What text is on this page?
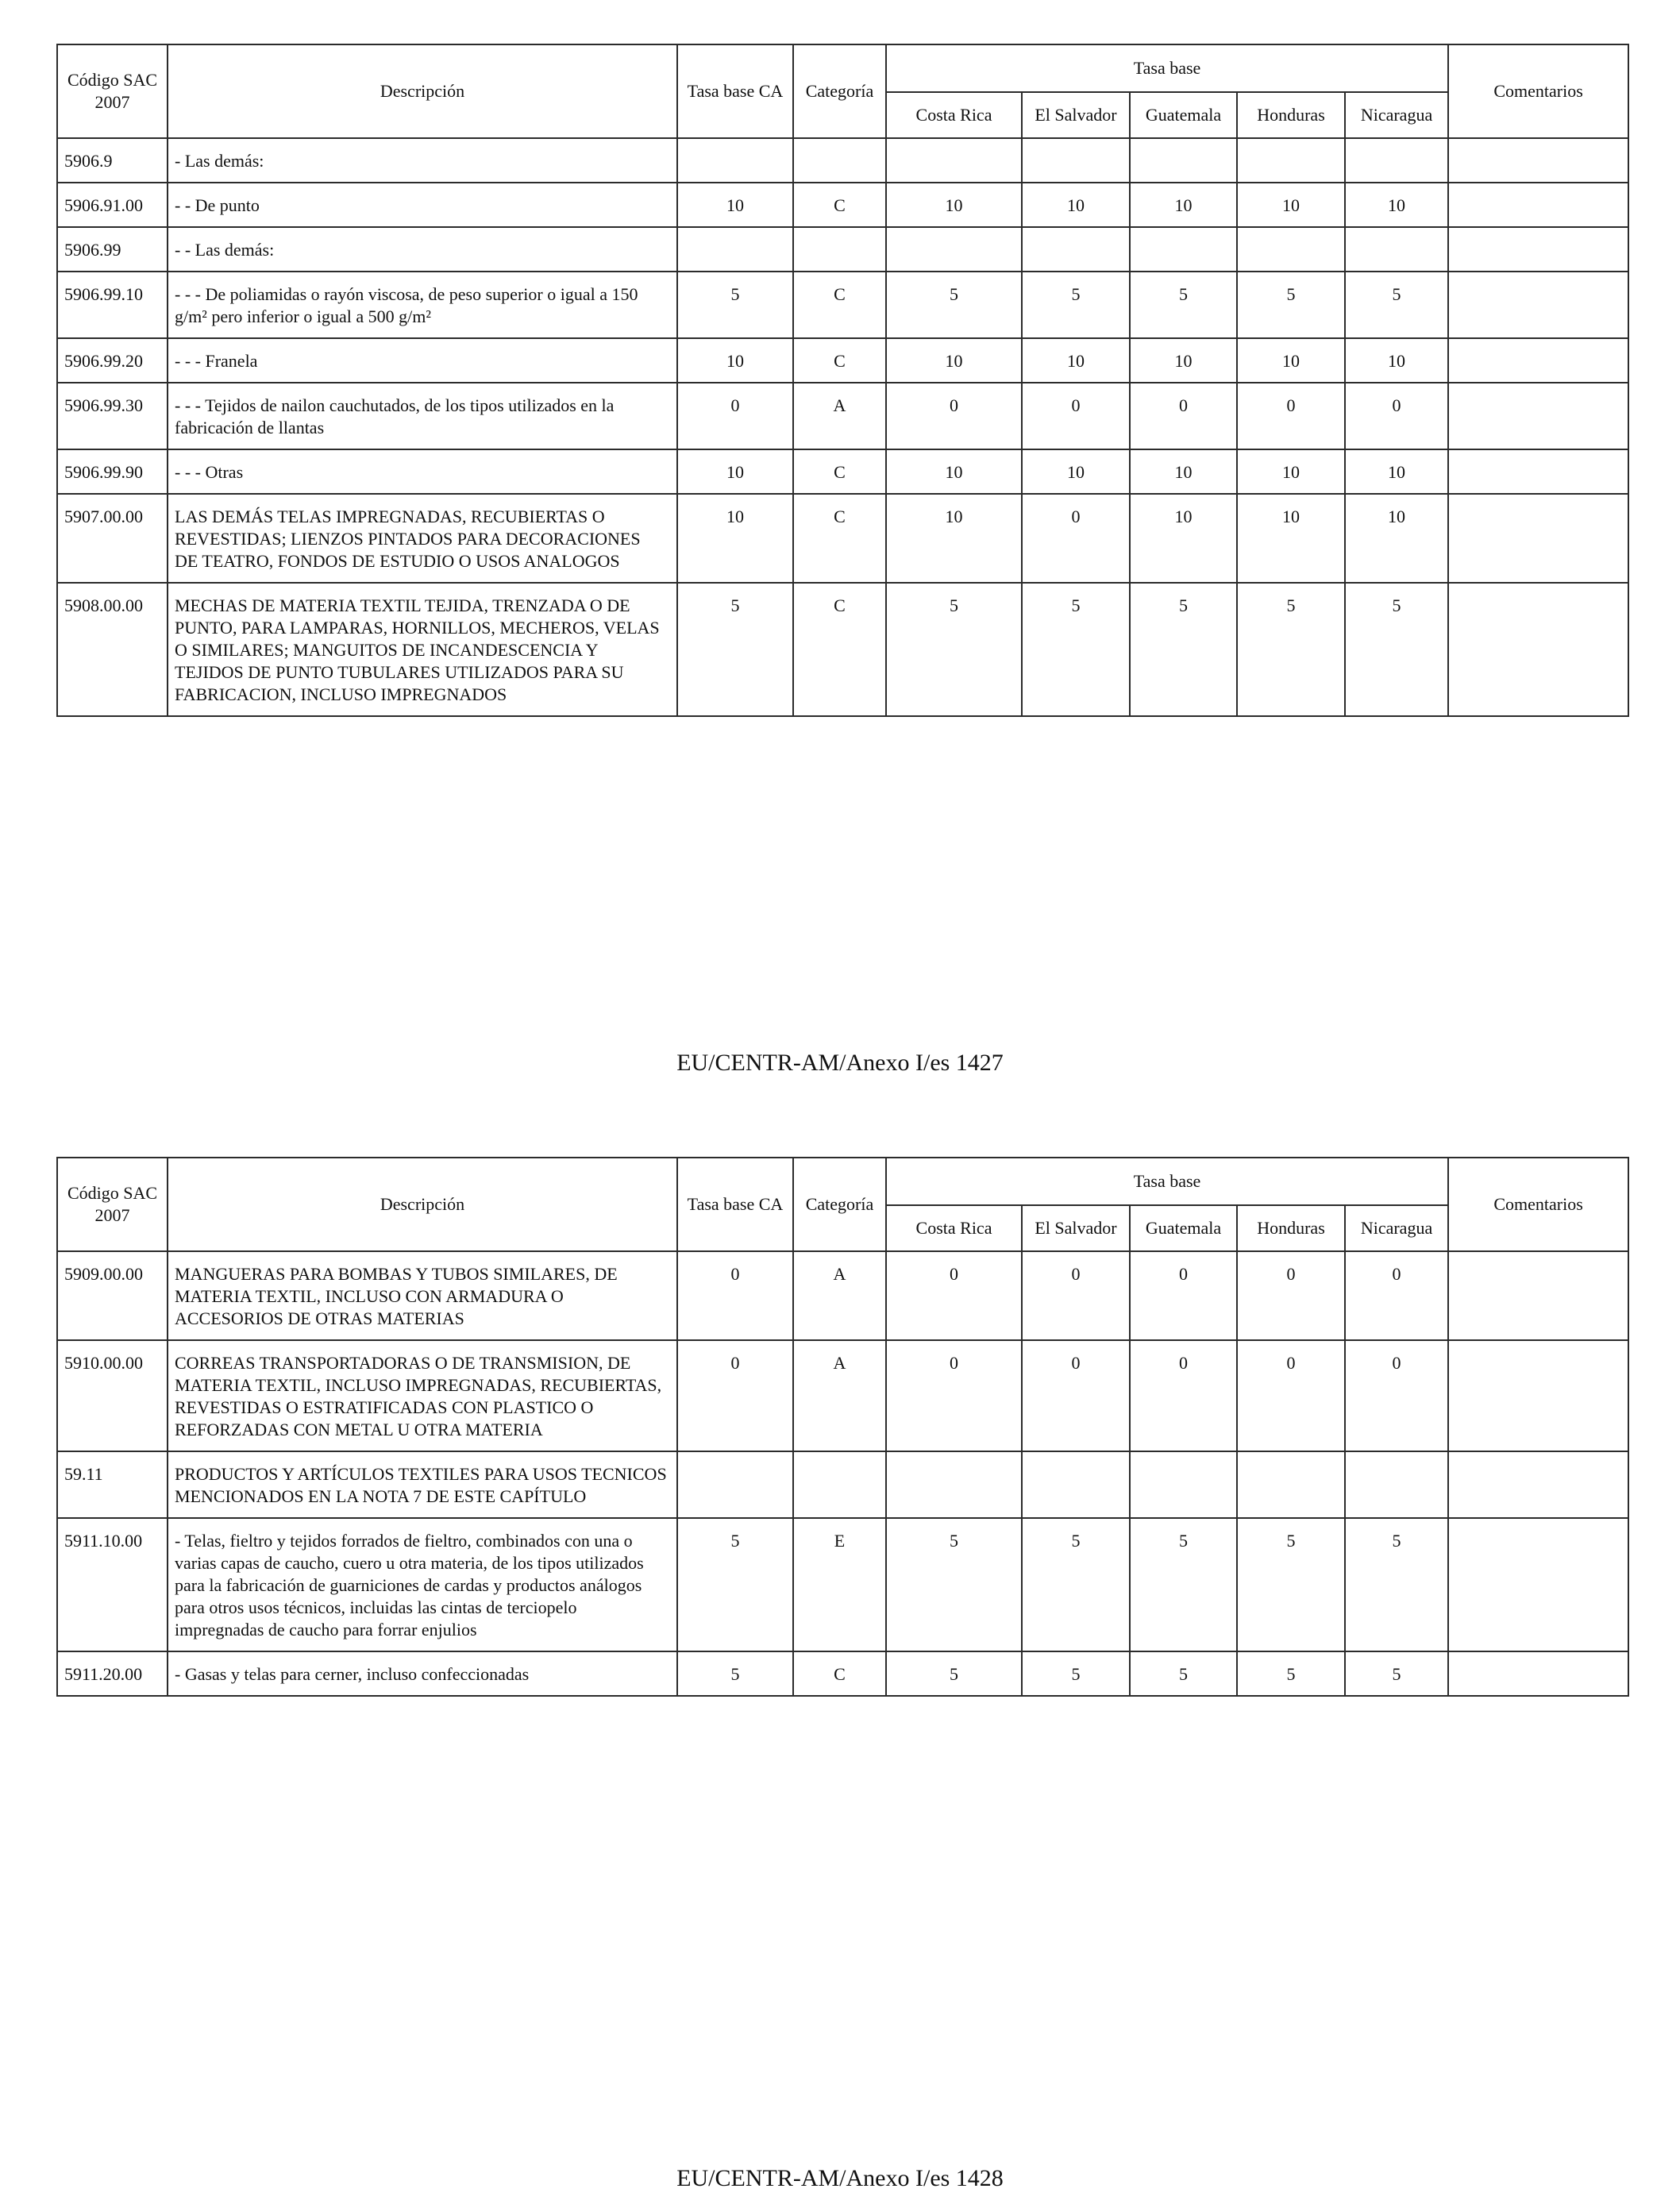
Código SAC 2007	Descripción	Tasa base CA	Categoría	Tasa base					Comentarios
				Costa Rica	El Salvador	Guatemala	Honduras	Nicaragua	
5906.9	- Las demás:								
5906.91.00	- - De punto	10	C	10	10	10	10	10	
5906.99	- - Las demás:								
5906.99.10	- - - De poliamidas o rayón viscosa, de peso superior o igual a 150 g/m² pero inferior o igual a 500 g/m²	5	C	5	5	5	5	5	
5906.99.20	- - - Franela	10	C	10	10	10	10	10	
5906.99.30	- - - Tejidos de nailon cauchutados, de los tipos utilizados en la fabricación de llantas	0	A	0	0	0	0	0	
5906.99.90	- - - Otras	10	C	10	10	10	10	10	
5907.00.00	LAS DEMÁS TELAS IMPREGNADAS, RECUBIERTAS O REVESTIDAS; LIENZOS PINTADOS PARA DECORACIONES DE TEATRO, FONDOS DE ESTUDIO O USOS ANALOGOS	10	C	10	0	10	10	10	
5908.00.00	MECHAS DE MATERIA TEXTIL TEJIDA, TRENZADA O DE PUNTO, PARA LAMPARAS, HORNILLOS, MECHEROS, VELAS O SIMILARES; MANGUITOS DE INCANDESCENCIA Y TEJIDOS DE PUNTO TUBULARES UTILIZADOS PARA SU FABRICACION, INCLUSO IMPREGNADOS	5	C	5	5	5	5	5	
EU/CENTR-AM/Anexo I/es 1427
Código SAC 2007	Descripción	Tasa base CA	Categoría	Tasa base					Comentarios
				Costa Rica	El Salvador	Guatemala	Honduras	Nicaragua	
5909.00.00	MANGUERAS PARA BOMBAS Y TUBOS SIMILARES, DE MATERIA TEXTIL, INCLUSO CON ARMADURA O ACCESORIOS DE OTRAS MATERIAS	0	A	0	0	0	0	0	
5910.00.00	CORREAS TRANSPORTADORAS O DE TRANSMISION, DE MATERIA TEXTIL, INCLUSO IMPREGNADAS, RECUBIERTAS, REVESTIDAS O ESTRATIFICADAS CON PLASTICO O REFORZADAS CON METAL U OTRA MATERIA	0	A	0	0	0	0	0	
59.11	PRODUCTOS Y ARTÍCULOS TEXTILES PARA USOS TECNICOS MENCIONADOS EN LA NOTA 7 DE ESTE CAPÍTULO								
5911.10.00	- Telas, fieltro y tejidos forrados de fieltro, combinados con una o varias capas de caucho, cuero u otra materia, de los tipos utilizados para la fabricación de guarniciones de cardas y productos análogos para otros usos técnicos, incluidas las cintas de terciopelo impregnadas de caucho para forrar enjulios	5	E	5	5	5	5	5	
5911.20.00	- Gasas y telas para cerner, incluso confeccionadas	5	C	5	5	5	5	5	
EU/CENTR-AM/Anexo I/es 1428
